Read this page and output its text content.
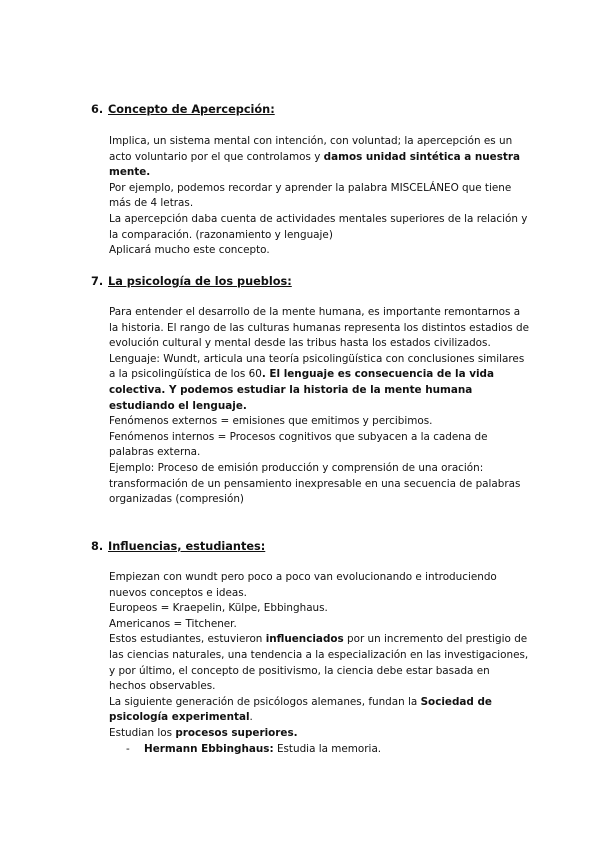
6. Concepto de Apercepción:

Implica, un sistema mental con intención, con voluntad; la apercepción es un acto voluntario por el que controlamos y damos unidad sintética a nuestra mente.

Por ejemplo, podemos recordar y aprender la palabra MISCELÁNEO que tiene más de 4 letras.

La apercepción daba cuenta de actividades mentales superiores de la relación y la comparación. (razonamiento y lenguaje)

Aplicará mucho este concepto.

7. La psicología de los pueblos:

Para entender el desarrollo de la mente humana, es importante remontarnos a la historia. El rango de las culturas humanas representa los distintos estadios de evolución cultural y mental desde las tribus hasta los estados civilizados.

Lenguaje: Wundt, articula una teoría psicolingüística con conclusiones similares a la psicolingüística de los 60. El lenguaje es consecuencia de la vida colectiva. Y podemos estudiar la historia de la mente humana estudiando el lenguaje.

Fenómenos externos = emisiones que emitimos y percibimos.

Fenómenos internos = Procesos cognitivos que subyacen a la cadena de palabras externa.

Ejemplo: Proceso de emisión producción y comprensión de una oración: transformación de un pensamiento inexpresable en una secuencia de palabras organizadas (compresión)

8. Influencias, estudiantes:

Empiezan con wundt pero poco a poco van evolucionando e introduciendo nuevos conceptos e ideas.

Europeos = Kraepelin, Külpe, Ebbinghaus.

Americanos = Titchener.

Estos estudiantes, estuvieron influenciados por un incremento del prestigio de las ciencias naturales, una tendencia a la especialización en las investigaciones, y por último, el concepto de positivismo, la ciencia debe estar basada en hechos observables.

La siguiente generación de psicólogos alemanes, fundan la Sociedad de psicología experimental.

Estudian los procesos superiores.

- Hermann Ebbinghaus: Estudia la memoria.
